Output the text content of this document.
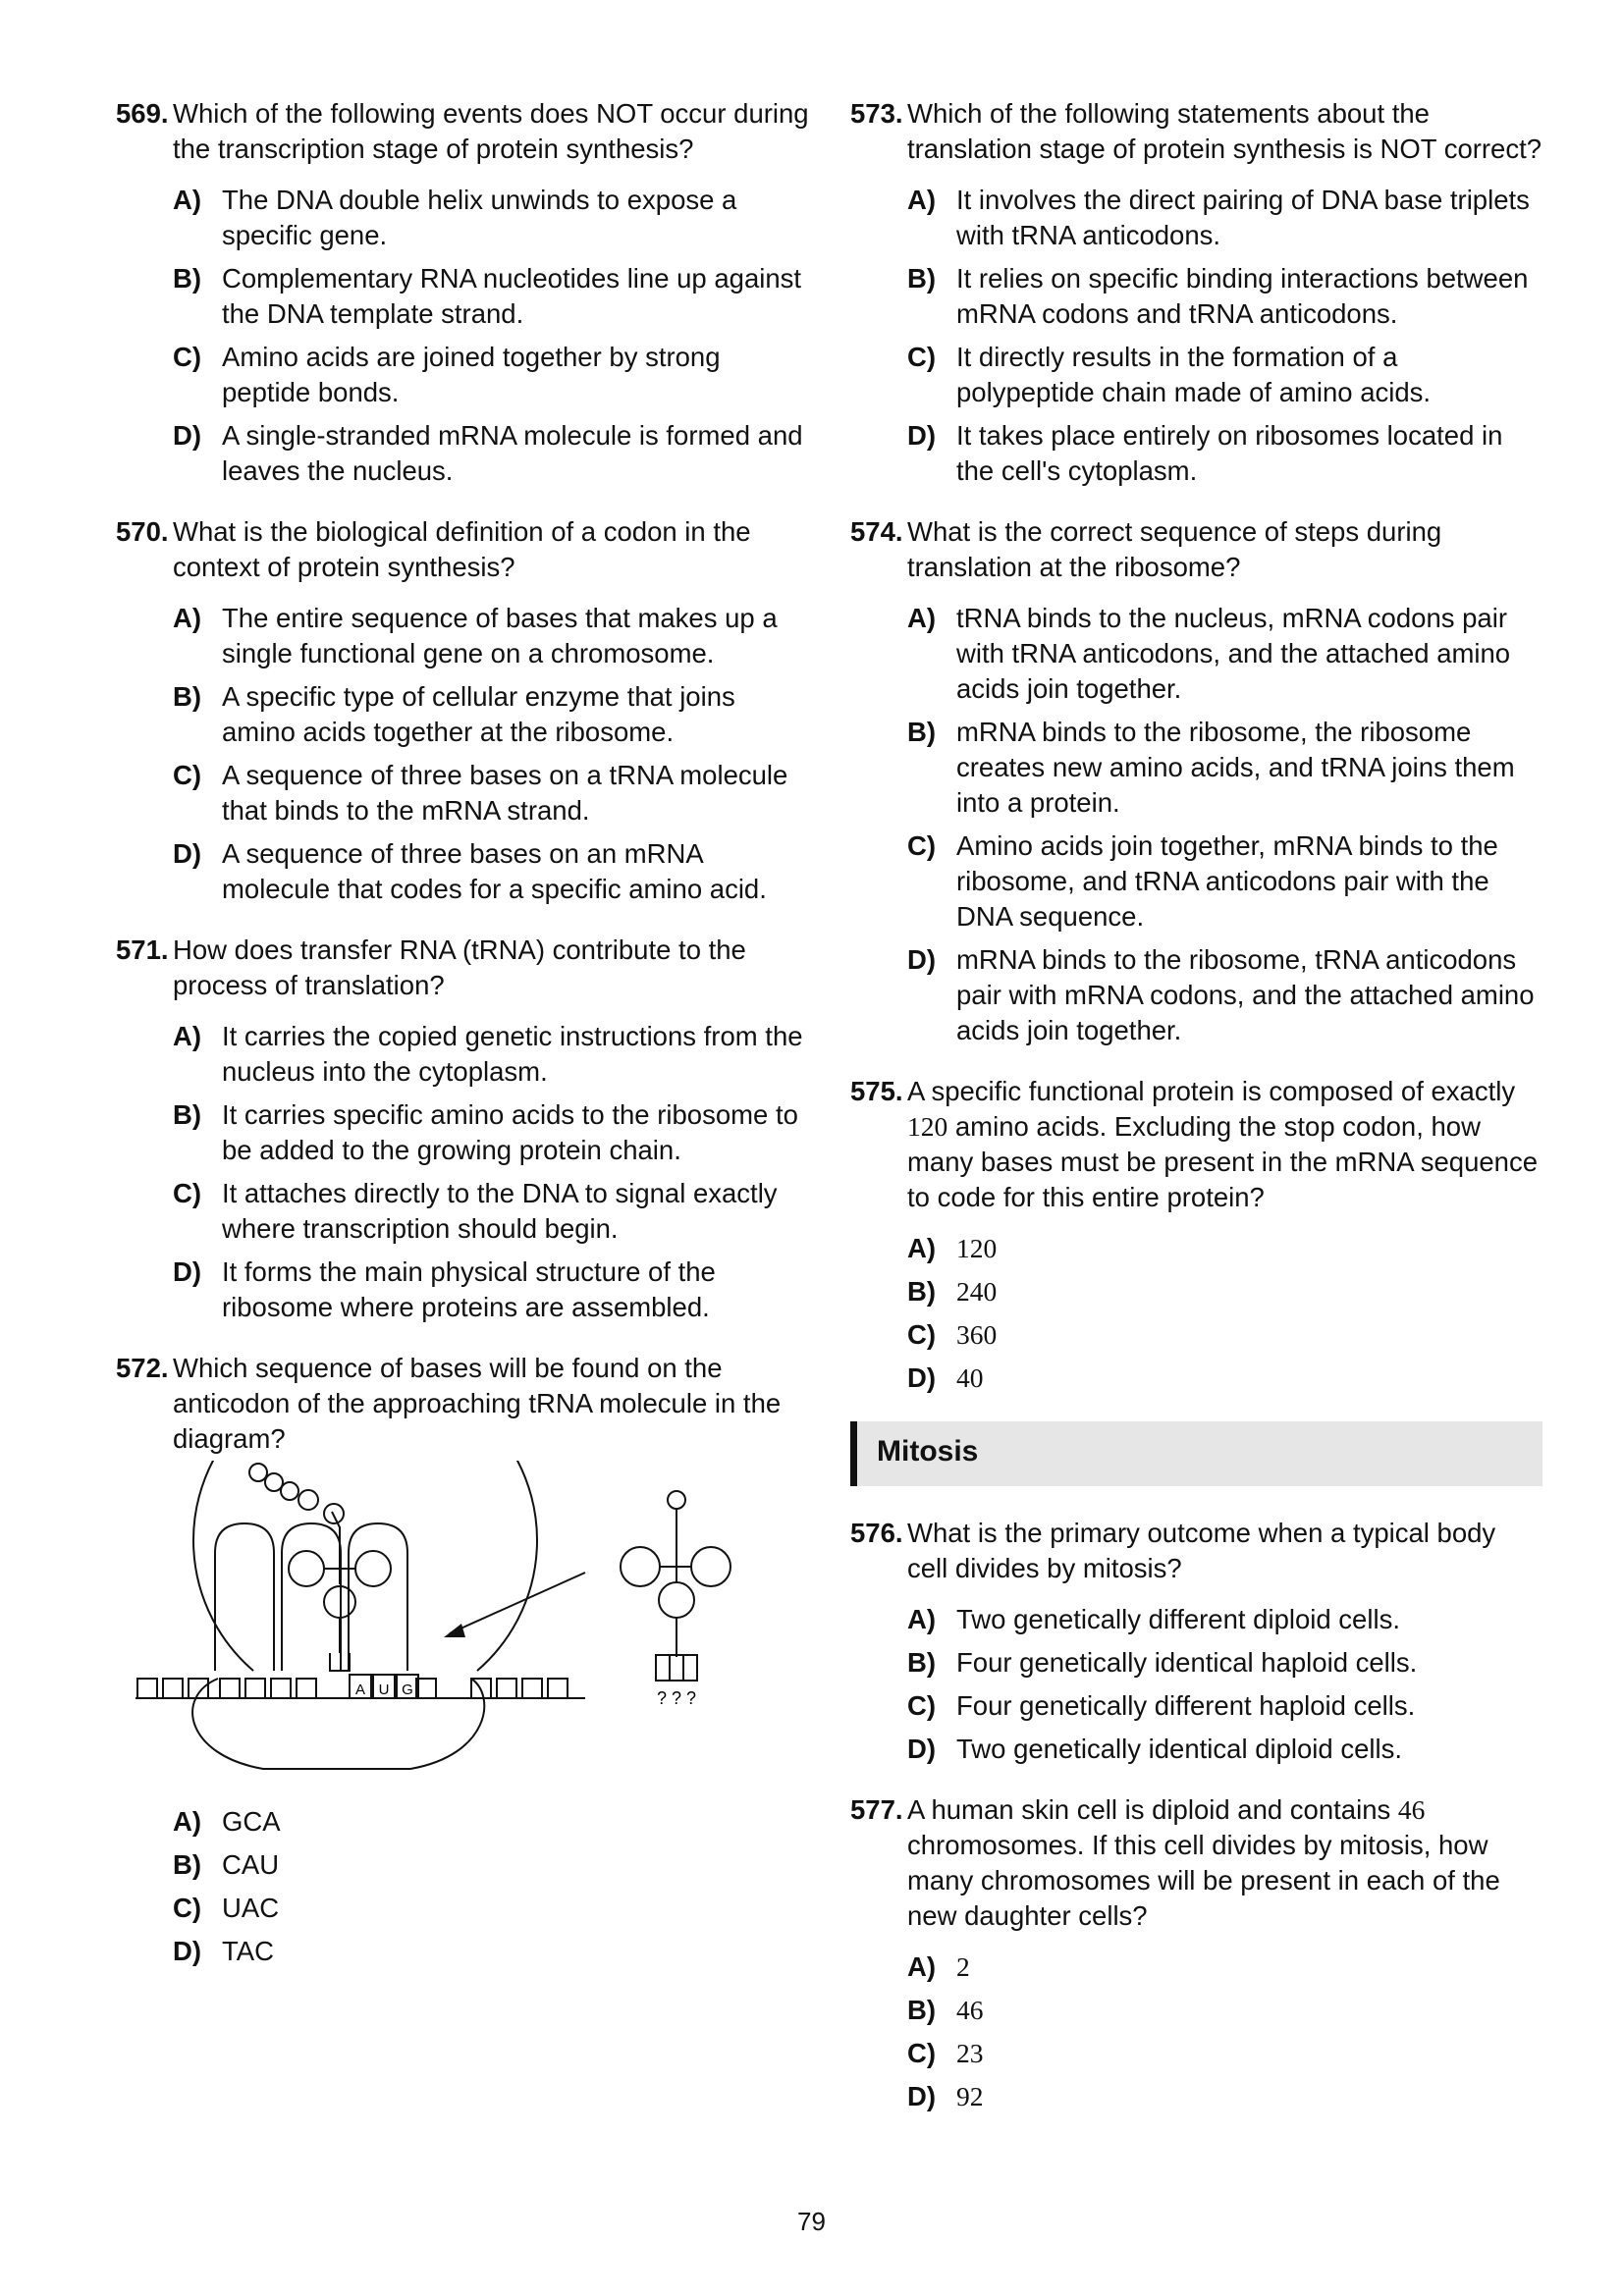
569. Which of the following events does NOT occur during the transcription stage of protein synthesis?
A) The DNA double helix unwinds to expose a specific gene.
B) Complementary RNA nucleotides line up against the DNA template strand.
C) Amino acids are joined together by strong peptide bonds.
D) A single-stranded mRNA molecule is formed and leaves the nucleus.
570. What is the biological definition of a codon in the context of protein synthesis?
A) The entire sequence of bases that makes up a single functional gene on a chromosome.
B) A specific type of cellular enzyme that joins amino acids together at the ribosome.
C) A sequence of three bases on a tRNA molecule that binds to the mRNA strand.
D) A sequence of three bases on an mRNA molecule that codes for a specific amino acid.
571. How does transfer RNA (tRNA) contribute to the process of translation?
A) It carries the copied genetic instructions from the nucleus into the cytoplasm.
B) It carries specific amino acids to the ribosome to be added to the growing protein chain.
C) It attaches directly to the DNA to signal exactly where transcription should begin.
D) It forms the main physical structure of the ribosome where proteins are assembled.
572. Which sequence of bases will be found on the anticodon of the approaching tRNA molecule in the diagram?
A U G	? ? ?
A) GCA
B) CAU
C) UAC
D) TAC
573. Which of the following statements about the translation stage of protein synthesis is NOT correct?
A) It involves the direct pairing of DNA base triplets with tRNA anticodons.
B) It relies on specific binding interactions between mRNA codons and tRNA anticodons.
C) It directly results in the formation of a polypeptide chain made of amino acids.
D) It takes place entirely on ribosomes located in the cell's cytoplasm.
574. What is the correct sequence of steps during translation at the ribosome?
A) tRNA binds to the nucleus, mRNA codons pair with tRNA anticodons, and the attached amino acids join together.
B) mRNA binds to the ribosome, the ribosome creates new amino acids, and tRNA joins them into a protein.
C) Amino acids join together, mRNA binds to the ribosome, and tRNA anticodons pair with the DNA sequence.
D) mRNA binds to the ribosome, tRNA anticodons pair with mRNA codons, and the attached amino acids join together.
575. A specific functional protein is composed of exactly 120 amino acids. Excluding the stop codon, how many bases must be present in the mRNA sequence to code for this entire protein?
A) 120
B) 240
C) 360
D) 40
Mitosis
576. What is the primary outcome when a typical body cell divides by mitosis?
A) Two genetically different diploid cells.
B) Four genetically identical haploid cells.
C) Four genetically different haploid cells.
D) Two genetically identical diploid cells.
577. A human skin cell is diploid and contains 46 chromosomes. If this cell divides by mitosis, how many chromosomes will be present in each of the new daughter cells?
A) 2
B) 46
C) 23
D) 92
79
